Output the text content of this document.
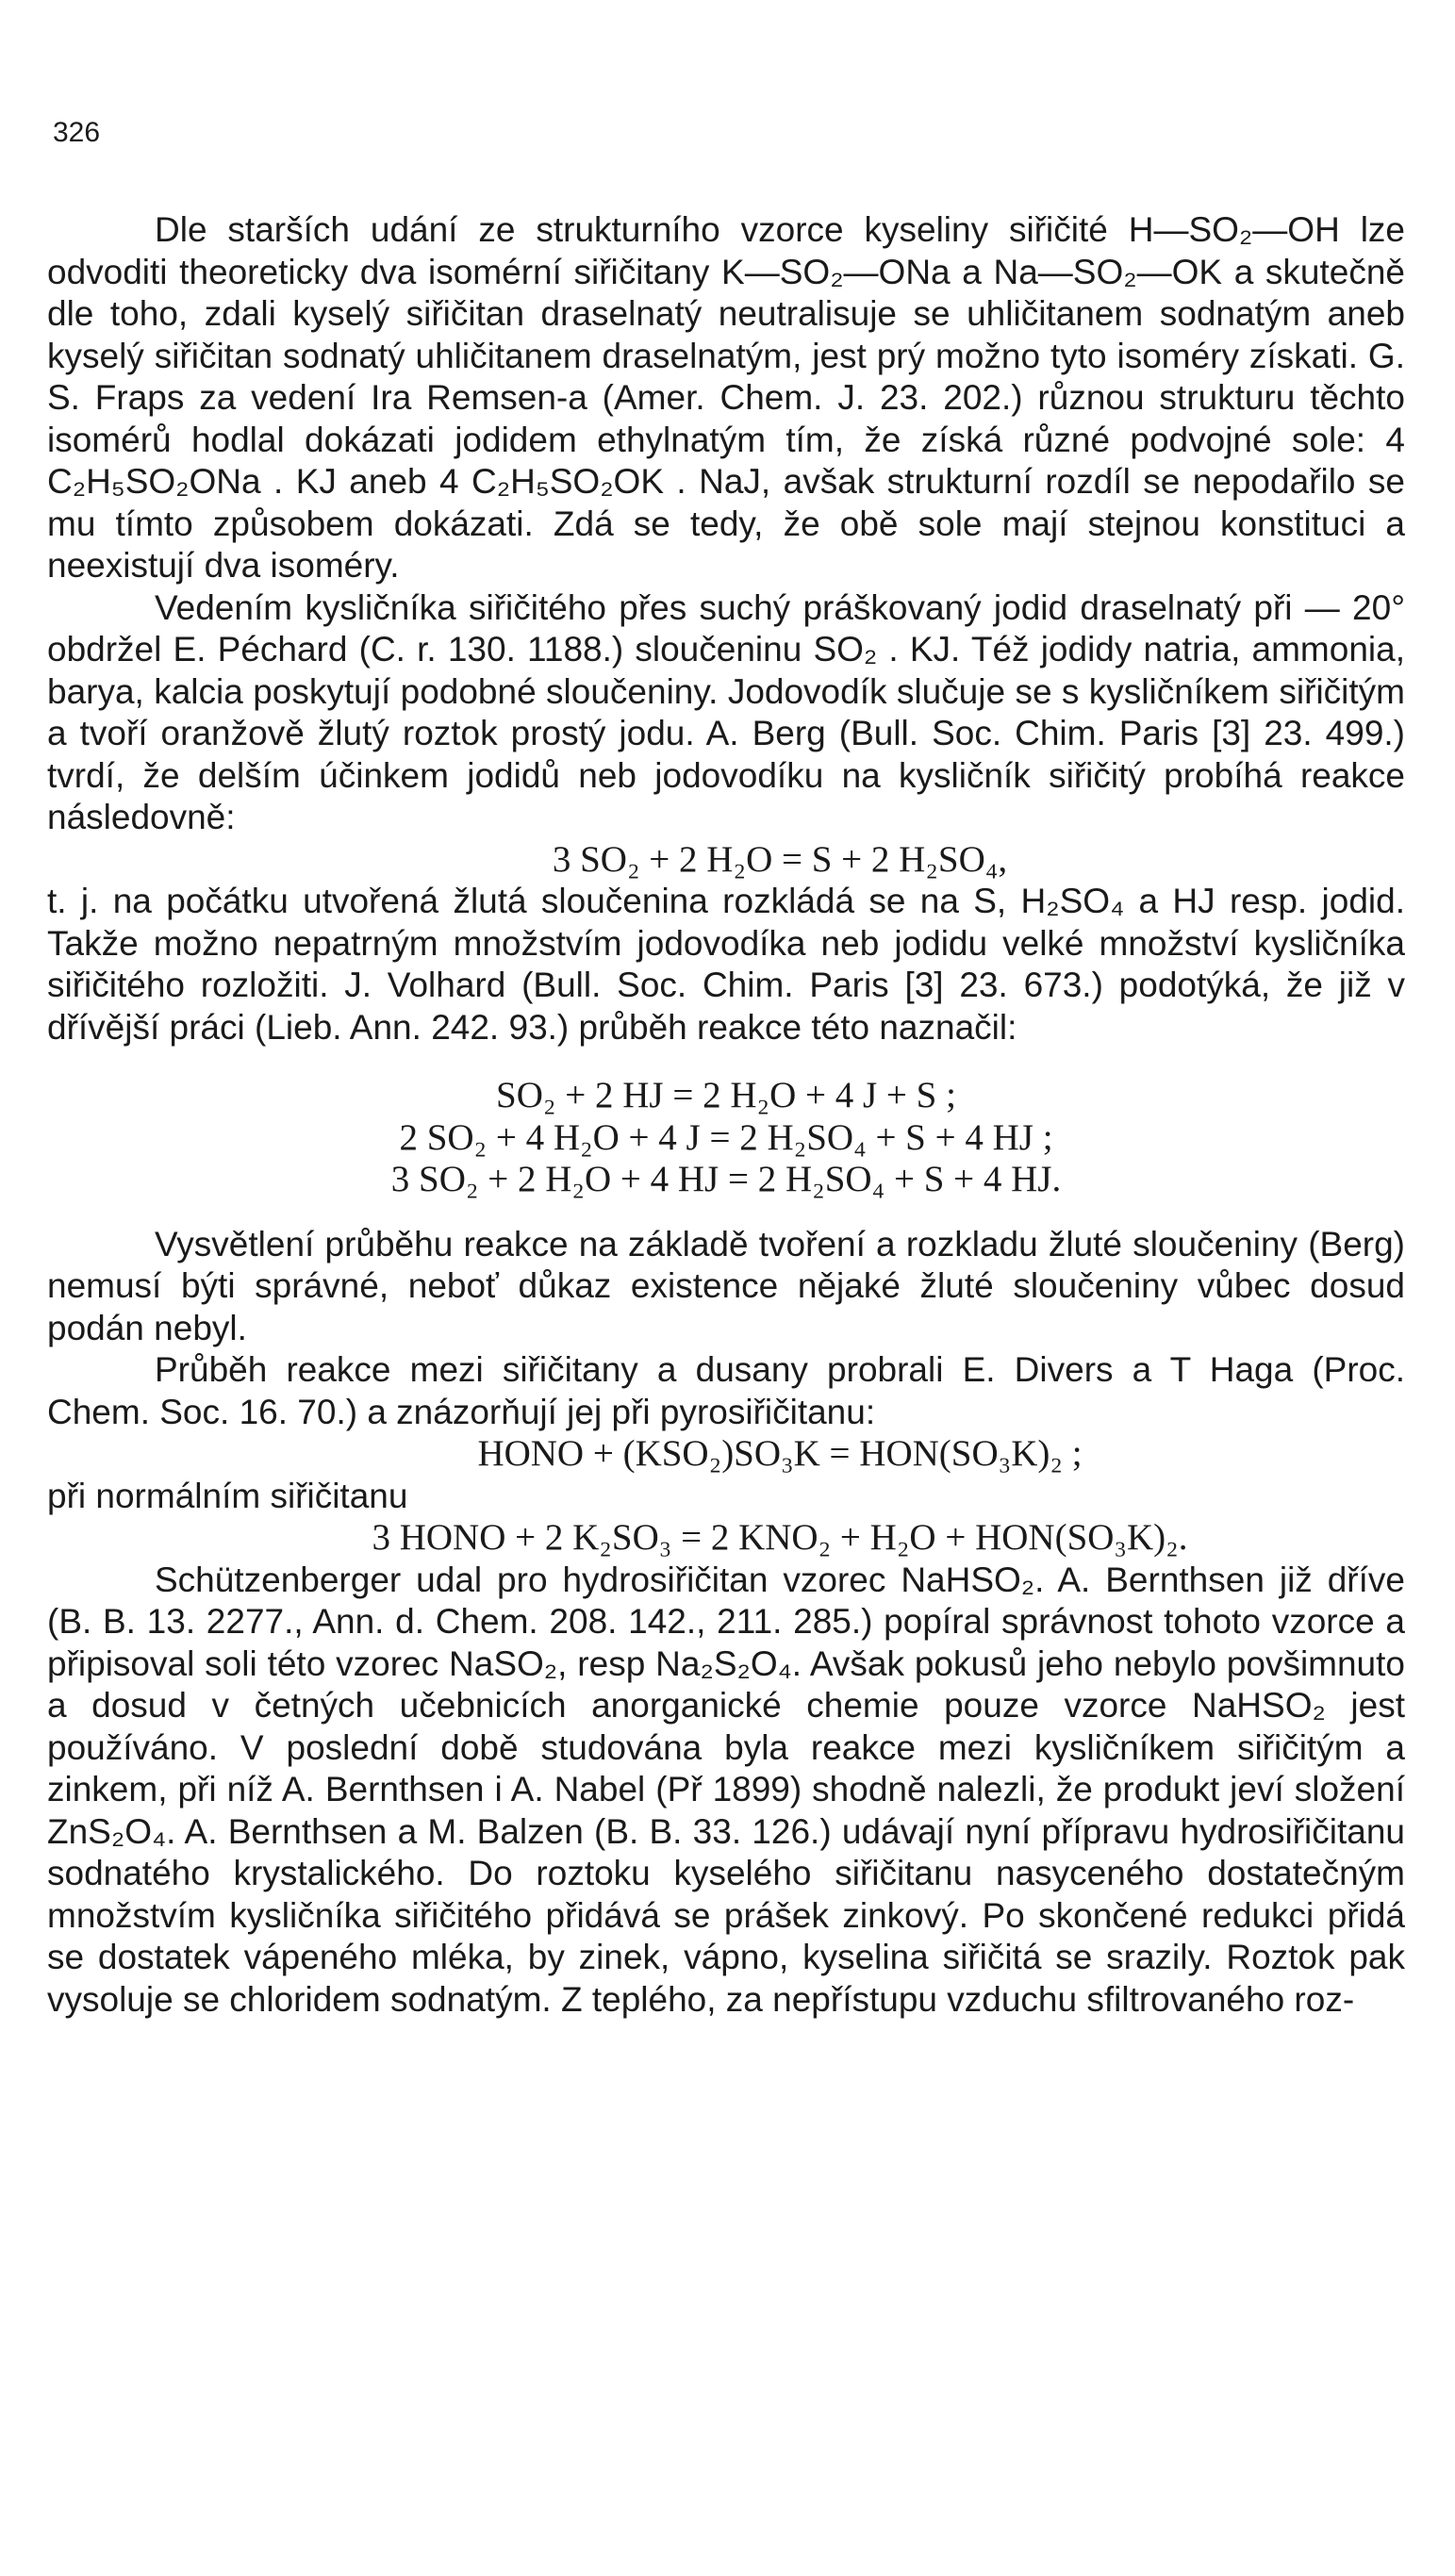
326

Dle starších udání ze strukturního vzorce kyseliny siřičité H—SO₂—OH lze odvoditi theoreticky dva isomérní siřičitany K—SO₂—ONa a Na—SO₂—OK a skutečně dle toho, zdali kyselý siřičitan draselnatý neutralisuje se uhličitanem sodnatým aneb kyselý siřičitan sodnatý uhličitanem draselnatým, jest prý možno tyto isoméry získati. G. S. Fraps za vedení Ira Remsen-a (Amer. Chem. J. 23. 202.) různou strukturu těchto isomérů hodlal dokázati jodidem ethylnatým tím, že získá různé podvojné sole: 4 C₂H₅SO₂ONa . KJ aneb 4 C₂H₅SO₂OK . NaJ, avšak strukturní rozdíl se nepodařilo se mu tímto způsobem dokázati. Zdá se tedy, že obě sole mají stejnou konstituci a neexistují dva isoméry.

Vedením kysličníka siřičitého přes suchý práškovaný jodid draselnatý při — 20° obdržel E. Péchard (C. r. 130. 1188.) sloučeninu SO₂ . KJ. Též jodidy natria, ammonia, barya, kalcia poskytují podobné sloučeniny. Jodovodík slučuje se s kysličníkem siřičitým a tvoří oranžově žlutý roztok prostý jodu. A. Berg (Bull. Soc. Chim. Paris [3] 23. 499.) tvrdí, že delším účinkem jodidů neb jodovodíku na kysličník siřičitý probíhá reakce následovně:

3 SO₂ + 2 H₂O = S + 2 H₂SO₄,

t. j. na počátku utvořená žlutá sloučenina rozkládá se na S, H₂SO₄ a HJ resp. jodid. Takže možno nepatrným množstvím jodovodíka neb jodidu velké množství kysličníka siřičitého rozložiti. J. Volhard (Bull. Soc. Chim. Paris [3] 23. 673.) podotýká, že již v dřívější práci (Lieb. Ann. 242. 93.) průběh reakce této naznačil:

SO₂ + 2 HJ = 2 H₂O + 4 J + S ;
2 SO₂ + 4 H₂O + 4 J = 2 H₂SO₄ + S + 4 HJ ;
3 SO₂ + 2 H₂O + 4 HJ = 2 H₂SO₄ + S + 4 HJ.

Vysvětlení průběhu reakce na základě tvoření a rozkladu žluté sloučeniny (Berg) nemusí býti správné, neboť důkaz existence nějaké žluté sloučeniny vůbec dosud podán nebyl.

Průběh reakce mezi siřičitany a dusany probrali E. Divers a T Haga (Proc. Chem. Soc. 16. 70.) a znázorňují jej při pyrosiřičitanu:

HONO + (KSO₂)SO₃K = HON(SO₃K)₂ ;

při normálním siřičitanu

3 HONO + 2 K₂SO₃ = 2 KNO₂ + H₂O + HON(SO₃K)₂.

Schützenberger udal pro hydrosiřičitan vzorec NaHSO₂. A. Bernthsen již dříve (B. B. 13. 2277., Ann. d. Chem. 208. 142., 211. 285.) popíral správnost tohoto vzorce a připisoval soli této vzorec NaSO₂, resp Na₂S₂O₄. Avšak pokusů jeho nebylo povšimnuto a dosud v četných učebnicích anorganické chemie pouze vzorce NaHSO₂ jest používáno. V poslední době studována byla reakce mezi kysličníkem siřičitým a zinkem, při níž A. Bernthsen i A. Nabel (Př 1899) shodně nalezli, že produkt jeví složení ZnS₂O₄. A. Bernthsen a M. Balzen (B. B. 33. 126.) udávají nyní přípravu hydrosiřičitanu sodnatého krystalického. Do roztoku kyselého siřičitanu nasyceného dostatečným množstvím kysličníka siřičitého přidává se prášek zinkový. Po skončené redukci přidá se dostatek vápeného mléka, by zinek, vápno, kyselina siřičitá se srazily. Roztok pak vysoluje se chloridem sodnatým. Z teplého, za nepřístupu vzduchu sfiltrovaného roz-
